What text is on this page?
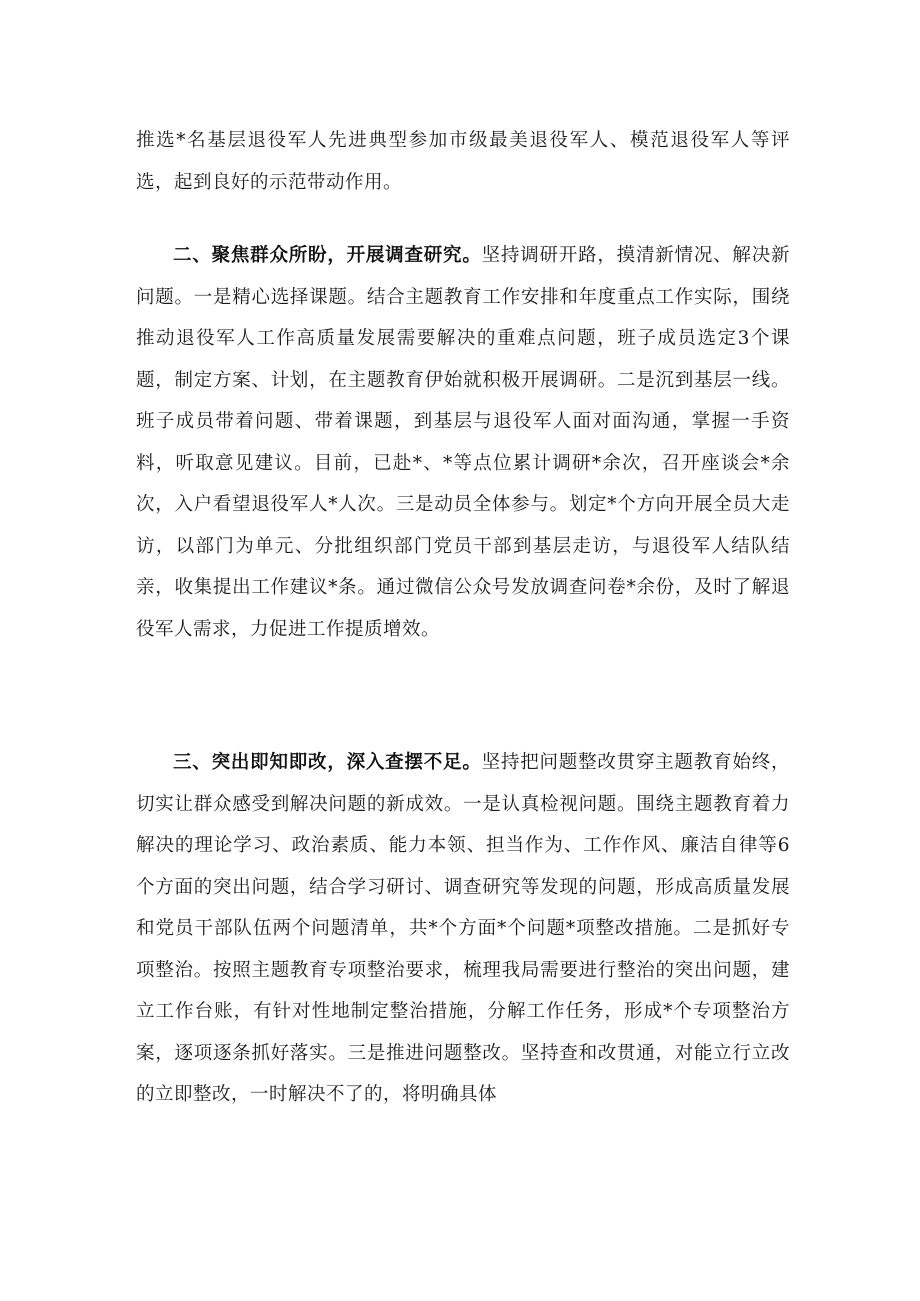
推选*名基层退役军人先进典型参加市级最美退役军人、模范退役军人等评选，起到良好的示范带动作用。

二、聚焦群众所盼，开展调查研究。坚持调研开路，摸清新情况、解决新问题。一是精心选择课题。结合主题教育工作安排和年度重点工作实际，围绕推动退役军人工作高质量发展需要解决的重难点问题，班子成员选定3个课题，制定方案、计划，在主题教育伊始就积极开展调研。二是沉到基层一线。班子成员带着问题、带着课题，到基层与退役军人面对面沟通，掌握一手资料，听取意见建议。目前，已赴*、*等点位累计调研*余次，召开座谈会*余次，入户看望退役军人*人次。三是动员全体参与。划定*个方向开展全员大走访，以部门为单元、分批组织部门党员干部到基层走访，与退役军人结队结亲，收集提出工作建议*条。通过微信公众号发放调查问卷*余份，及时了解退役军人需求，力促进工作提质增效。

三、突出即知即改，深入查摆不足。坚持把问题整改贯穿主题教育始终，切实让群众感受到解决问题的新成效。一是认真检视问题。围绕主题教育着力解决的理论学习、政治素质、能力本领、担当作为、工作作风、廉洁自律等6个方面的突出问题，结合学习研讨、调查研究等发现的问题，形成高质量发展和党员干部队伍两个问题清单，共*个方面*个问题*项整改措施。二是抓好专项整治。按照主题教育专项整治要求，梳理我局需要进行整治的突出问题，建立工作台账，有针对性地制定整治措施，分解工作任务，形成*个专项整治方案，逐项逐条抓好落实。三是推进问题整改。坚持查和改贯通，对能立行立改的立即整改，一时解决不了的，将明确具体
